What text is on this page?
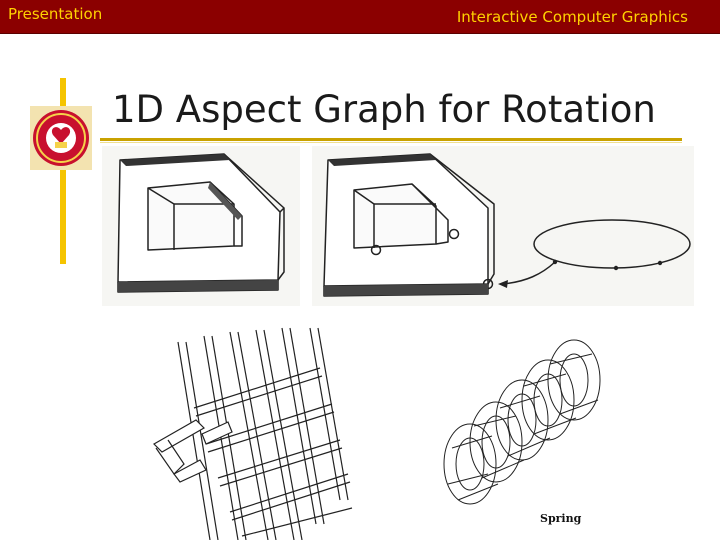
Presentation	Interactive Computer Graphics
1D Aspect Graph for Rotation
Spring
